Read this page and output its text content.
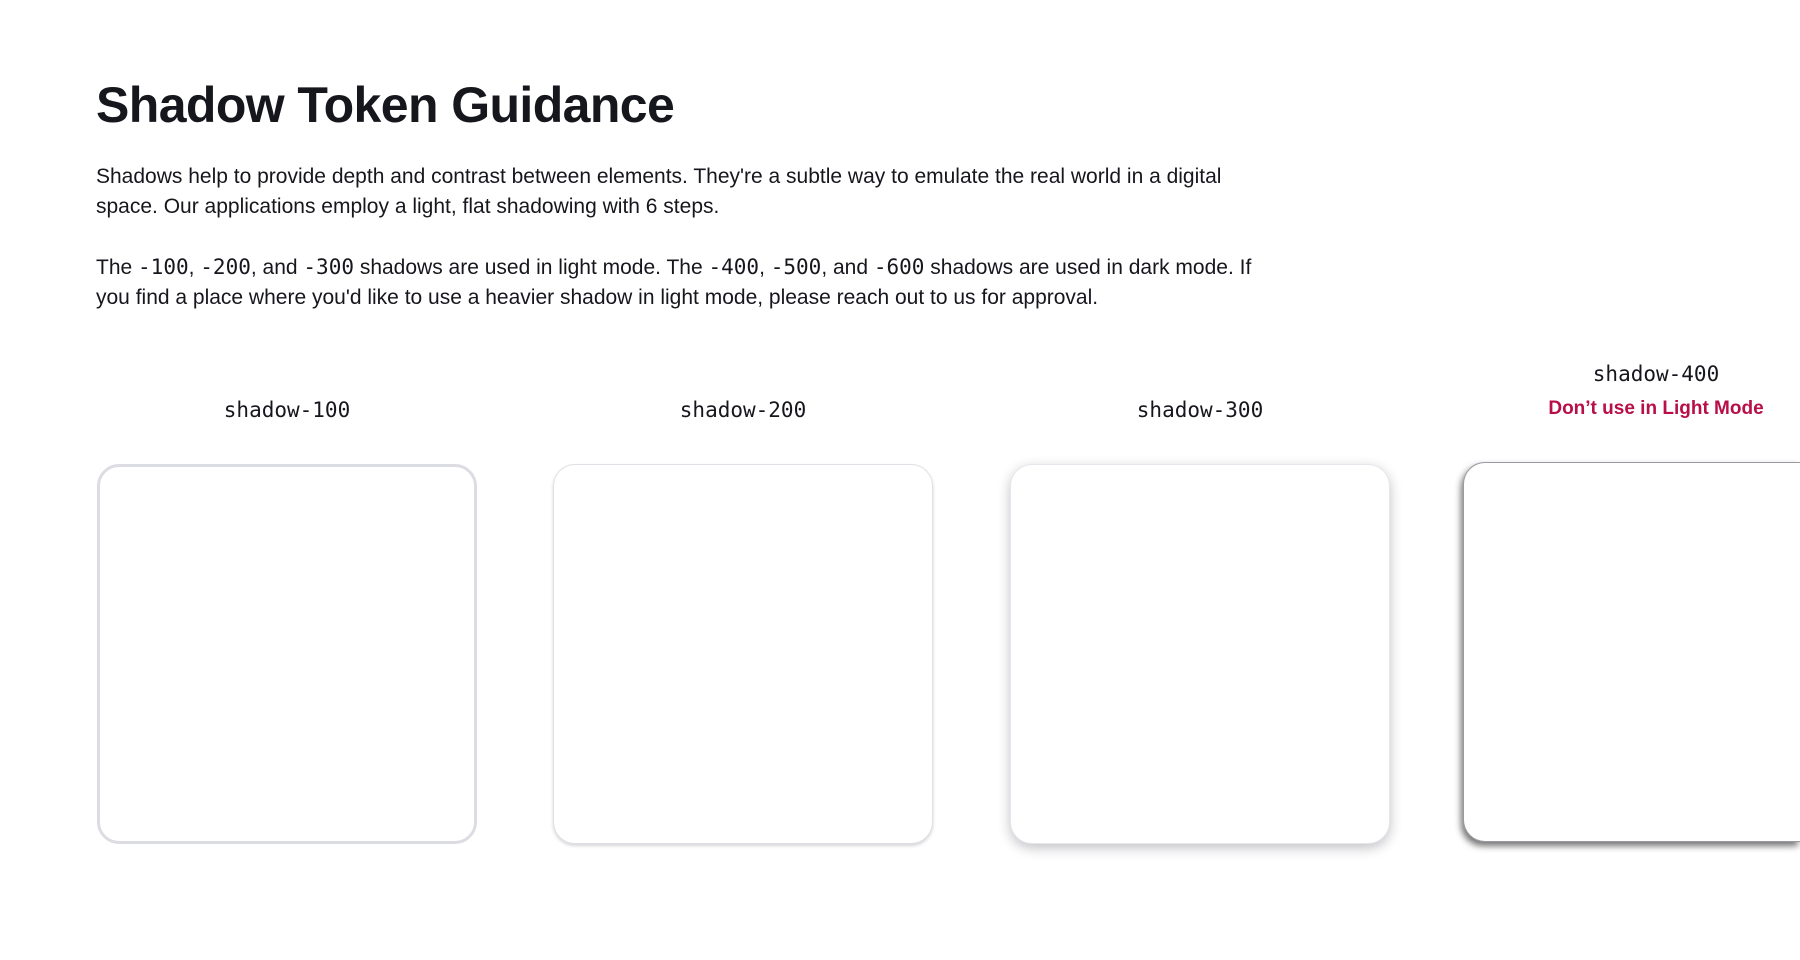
Shadow Token Guidance

Shadows help to provide depth and contrast between elements. They're a subtle way to emulate the real world in a digital space. Our applications employ a light, flat shadowing with 6 steps.

The -100, -200, and -300 shadows are used in light mode. The -400, -500, and -600 shadows are used in dark mode. If you find a place where you'd like to use a heavier shadow in light mode, please reach out to us for approval.

shadow-100	shadow-200	shadow-300
shadow-400
Don’t use in Light Mode
